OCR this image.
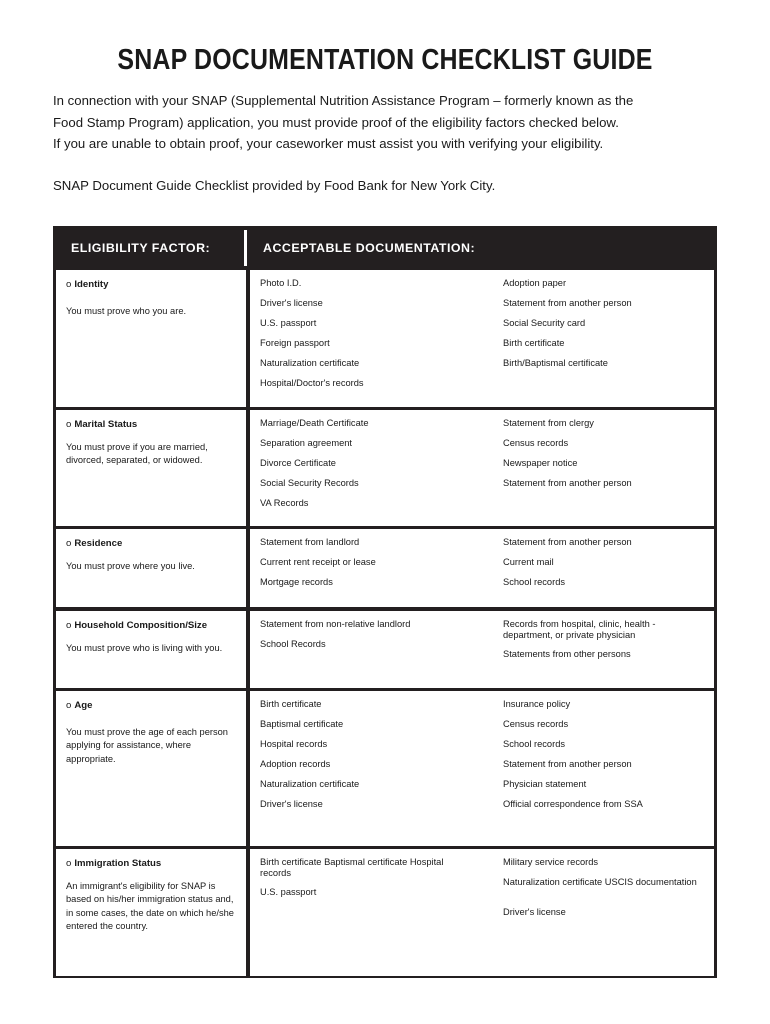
SNAP DOCUMENTATION CHECKLIST GUIDE

In connection with your SNAP (Supplemental Nutrition Assistance Program – formerly known as the

Food Stamp Program) application, you must provide proof of the eligibility factors checked below.

If you are unable to obtain proof, your caseworker must assist you with verifying your eligibility.

SNAP Document Guide Checklist provided by Food Bank for New York City.
ELIGIBILITY FACTOR:	ACCEPTABLE DOCUMENTATION:
o Identity
You must prove who you are.
Photo I.D.
Driver's license
U.S. passport
Foreign passport
Naturalization certificate
Hospital/Doctor's records
Adoption paper
Statement from another person
Social Security card
Birth certificate
Birth/Baptismal certificate
o Marital Status
You must prove if you are married, divorced, separated, or widowed.
Marriage/Death Certificate
Separation agreement
Divorce Certificate
Social Security Records
VA Records
Statement from clergy
Census records
Newspaper notice
Statement from another person
o Residence
You must prove where you live.
Statement from landlord
Current rent receipt or lease
Mortgage records
Statement from another person
Current mail
School records
o Household Composition/Size
You must prove who is living with you.
Statement from non-relative landlord
School Records
Records from hospital, clinic, health - department, or private physician
Statements from other persons
o Age
You must prove the age of each person applying for assistance, where appropriate.
Birth certificate
Baptismal certificate
Hospital records
Adoption records
Naturalization certificate
Driver's license
Insurance policy
Census records
School records
Statement from another person
Physician statement
Official correspondence from SSA
o Immigration Status
An immigrant's eligibility for SNAP is based on his/her immigration status and, in some cases, the date on which he/she entered the country.
Birth certificate Baptismal certificate Hospital records
U.S. passport
Military service records
Naturalization certificate USCIS documentation
Driver's license
